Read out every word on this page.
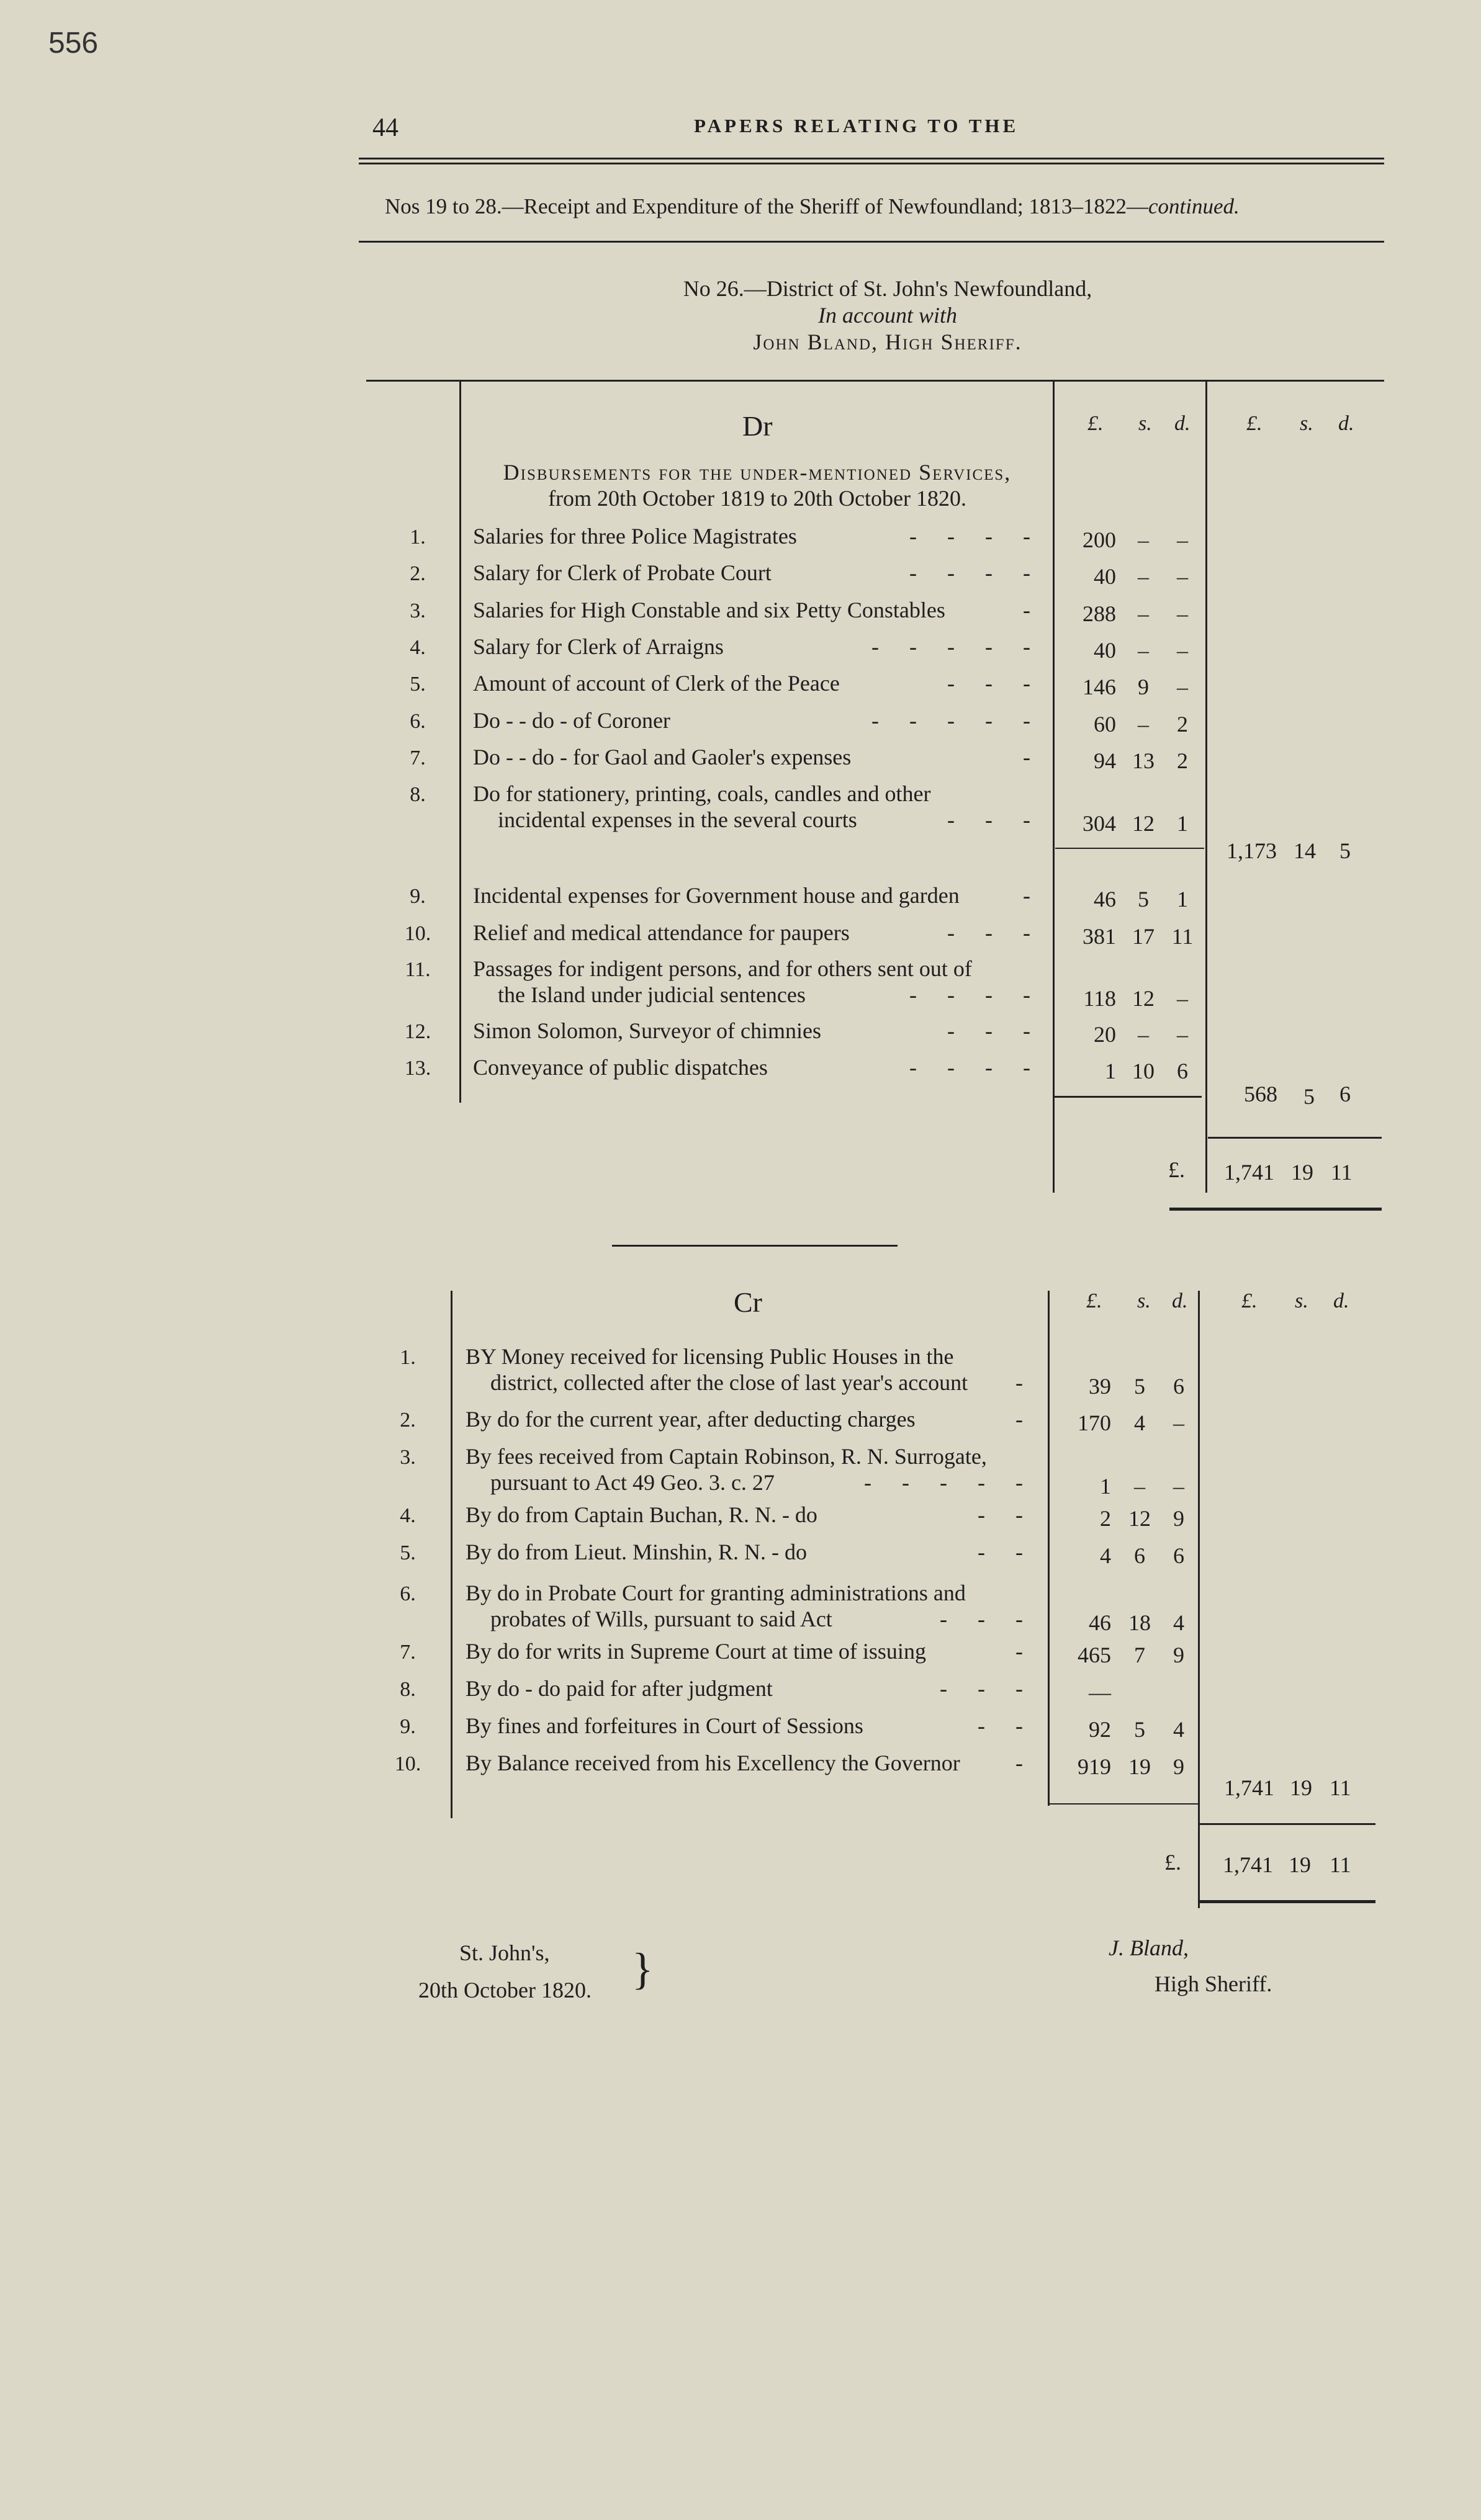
556
44	PAPERS RELATING TO THE
Nos 19 to 28.—Receipt and Expenditure of the Sheriff of Newfoundland; 1813–1822—continued.
No 26.—District of St. John's Newfoundland,
In account with
John Bland, High Sheriff.
Dr	£. s. d.	£. s. d.
Disbursements for the under-mentioned Services,
from 20th October 1819 to 20th October 1820.
1.	Salaries for three Police Magistrates	- - - -	200 –	–
2.	Salary for Clerk of Probate Court	- - - -	40 –	–
3.	Salaries for High Constable and six Petty Constables	-	288 –	–
4.	Salary for Clerk of Arraigns	- - - - -	40 –	–
5.	Amount of account of Clerk of the Peace	- - -	146 9	–
6.	Do - - do - of Coroner	- - - - -	60 –	2
7.	Do - - do - for Gaol and Gaoler's expenses	-	94 13	2
8.	Do for stationery, printing, coals, candles and other
incidental expenses in the several courts	- - -	304 12	1
9.	Incidental expenses for Government house and garden	-	46 5	1
10.	Relief and medical attendance for paupers	- - -	381 17 11
11.	Passages for indigent persons, and for others sent out of
the Island under judicial sentences	- - - -	118 12	–
12.	Simon Solomon, Surveyor of chimnies	- - -	20 –	–
13.	Conveyance of public dispatches	- - - -	1 10	6
1,173 14 5
568 5 6
£. 1,741 19 11
Cr	£. s. d.	£. s. d.
1.	BY Money received for licensing Public Houses in the
district, collected after the close of last year's account -	39	5	6
2.	By do for the current year, after deducting charges	-	170	4	–
3.	By fees received from Captain Robinson, R. N. Surrogate,
pursuant to Act 49 Geo. 3. c. 27	- - - - -	1	–	–
4.	By do from Captain Buchan, R. N. - do	- -	2 12	9
5.	By do from Lieut. Minshin, R. N. - do	- -	4	6	6
6.	By do in Probate Court for granting administrations and
probates of Wills, pursuant to said Act	- - -	46 18	4
7.	By do for writs in Supreme Court at time of issuing	-	465	7	9
8.	By do - do paid for after judgment	- - -	—
9.	By fines and forfeitures in Court of Sessions	- -	92	5	4
10.	By Balance received from his Excellency the Governor -	919 19	9
1,741 19 11
£. 1,741 19 11
St. John's,
20th October 1820. }	J. Bland,
High Sheriff.
